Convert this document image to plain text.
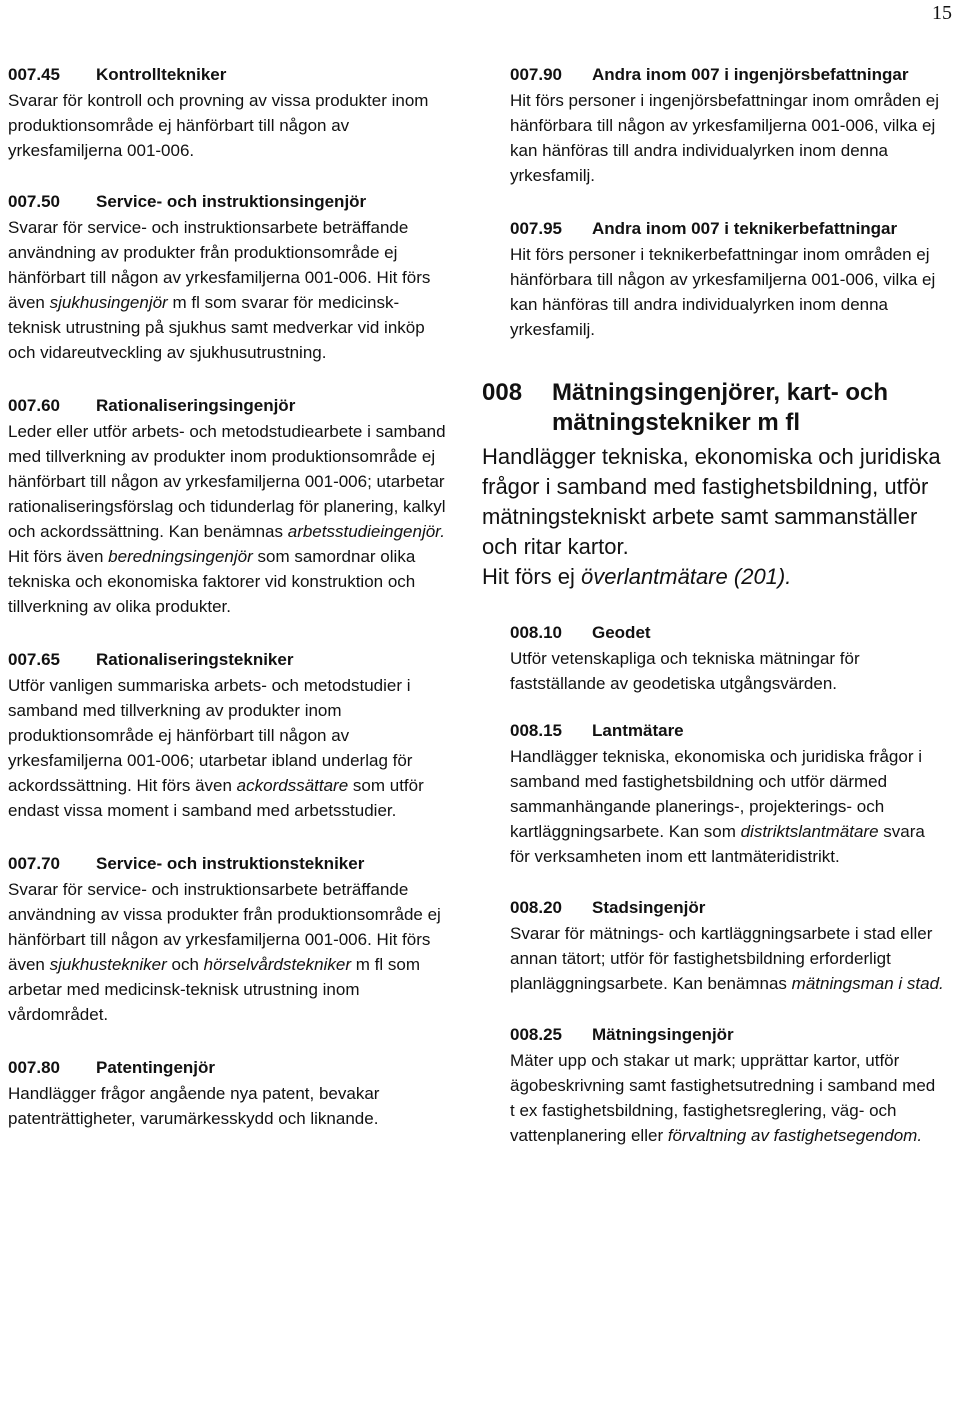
15
007.45	Kontrolltekniker

Svarar för kontroll och provning av vissa produkter inom produktionsområde ej hänförbart till någon av yrkesfamiljerna 001-006.

007.50	Service- och instruktionsingenjör

Svarar för service- och instruktionsarbete beträffande användning av produkter från produktionsområde ej hänförbart till någon av yrkesfamiljerna 001-006. Hit förs även sjukhusingenjör m fl som svarar för medicinsk-teknisk utrustning på sjukhus samt medverkar vid inköp och vidareutveckling av sjukhusutrustning.

007.60	Rationaliseringsingenjör

Leder eller utför arbets- och metodstudiearbete i samband med tillverkning av produkter inom produktionsområde ej hänförbart till någon av yrkesfamiljerna 001-006; utarbetar rationaliseringsförslag och tidunderlag för planering, kalkyl och ackordssättning. Kan benämnas arbetsstudieingenjör. Hit förs även beredningsingenjör som samordnar olika tekniska och ekonomiska faktorer vid konstruktion och tillverkning av olika produkter.

007.65	Rationaliseringstekniker

Utför vanligen summariska arbets- och metodstudier i samband med tillverkning av produkter inom produktionsområde ej hänförbart till någon av yrkesfamiljerna 001-006; utarbetar ibland underlag för ackordssättning. Hit förs även ackordssättare som utför endast vissa moment i samband med arbetsstudier.

007.70	Service- och instruktionstekniker

Svarar för service- och instruktionsarbete beträffande användning av vissa produkter från produktionsområde ej hänförbart till någon av yrkesfamiljerna 001-006. Hit förs även sjukhustekniker och hörselvårdstekniker m fl som arbetar med medicinsk-teknisk utrustning inom vårdområdet.

007.80	Patentingenjör

Handlägger frågor angående nya patent, bevakar patenträttigheter, varumärkesskydd och liknande.

007.90	Andra inom 007 i ingenjörsbefattningar

Hit förs personer i ingenjörsbefattningar inom områden ej hänförbara till någon av yrkesfamiljerna 001-006, vilka ej kan hänföras till andra individualyrken inom denna yrkesfamilj.

007.95	Andra inom 007 i teknikerbefattningar

Hit förs personer i teknikerbefattningar inom områden ej hänförbara till någon av yrkesfamiljerna 001-006, vilka ej kan hänföras till andra individualyrken inom denna yrkesfamilj.

008	Mätningsingenjörer, kart- och mätningstekniker m fl

Handlägger tekniska, ekonomiska och juridiska frågor i samband med fastighetsbildning, utför mätningstekniskt arbete samt sammanställer och ritar kartor.
Hit förs ej överlantmätare (201).

008.10	Geodet

Utför vetenskapliga och tekniska mätningar för fastställande av geodetiska utgångsvärden.

008.15	Lantmätare

Handlägger tekniska, ekonomiska och juridiska frågor i samband med fastighetsbildning och utför därmed sammanhängande planerings-, projekterings- och kartläggningsarbete. Kan som distriktslantmätare svara för verksamheten inom ett lantmäteridistrikt.

008.20	Stadsingenjör

Svarar för mätnings- och kartläggningsarbete i stad eller annan tätort; utför för fastighetsbildning erforderligt planläggningsarbete. Kan benämnas mätningsman i stad.

008.25	Mätningsingenjör

Mäter upp och stakar ut mark; upprättar kartor, utför ägobeskrivning samt fastighetsutredning i samband med t ex fastighetsbildning, fastighetsreglering, väg- och vattenplanering eller förvaltning av fastighetsegendom.
